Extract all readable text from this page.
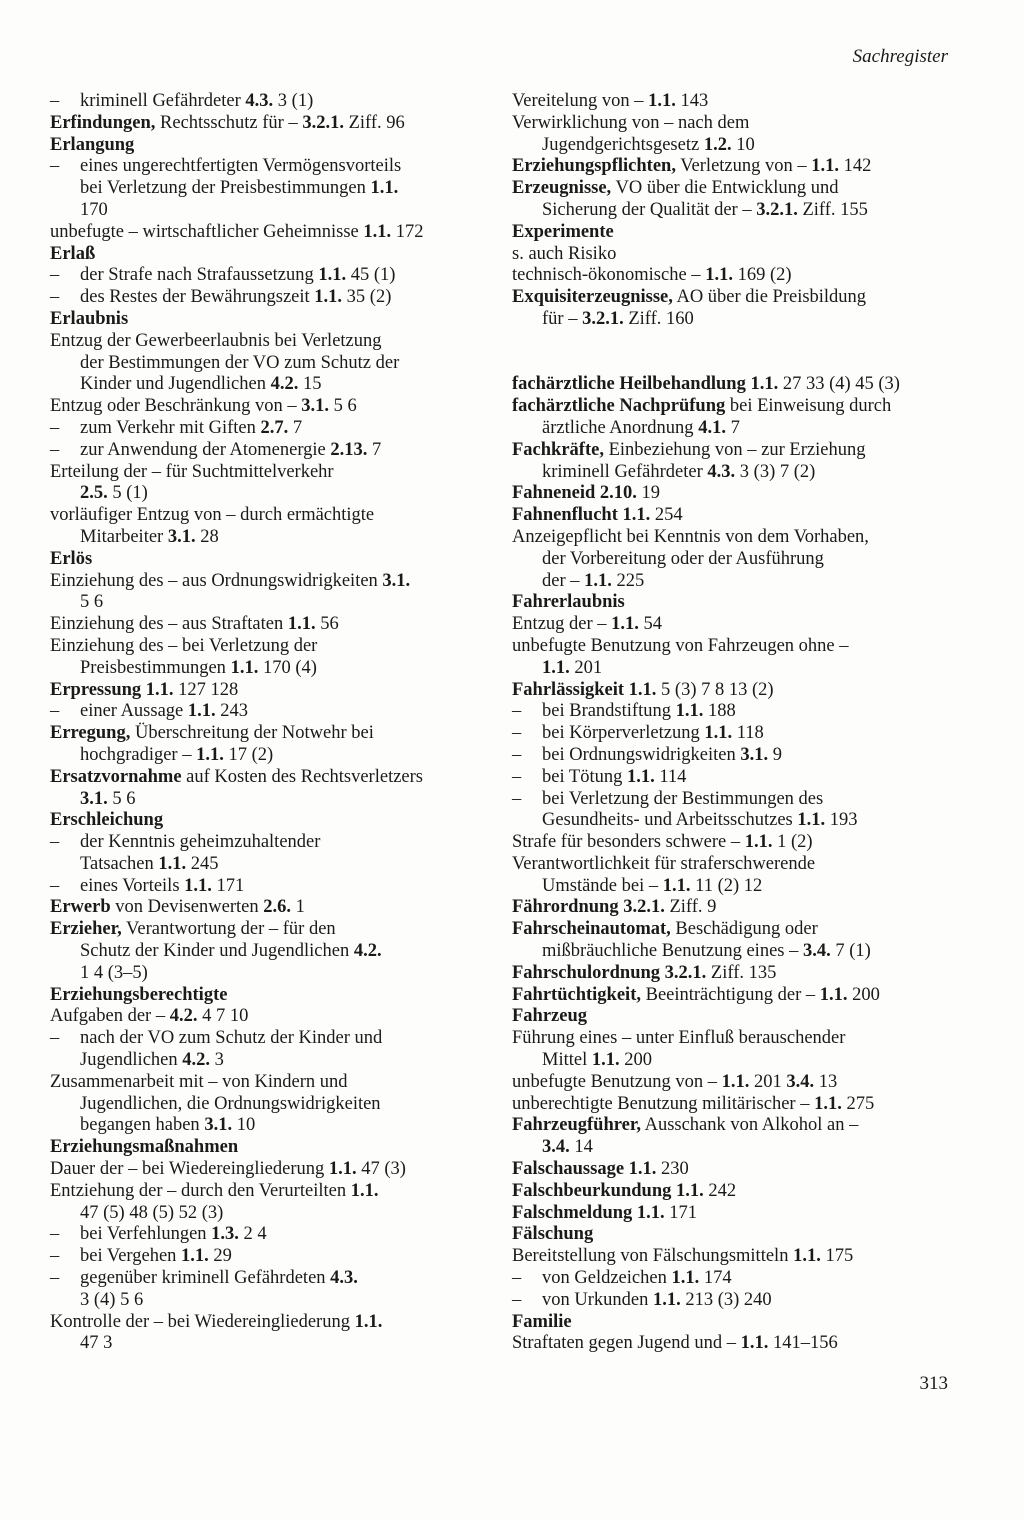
Sachregister
– kriminell Gefährdeter 4.3. 3 (1)
Erfindungen, Rechtsschutz für – 3.2.1. Ziff. 96
Erlangung
– eines ungerechtfertigten Vermögensvorteils
bei Verletzung der Preisbestimmungen 1.1.
170
unbefugte – wirtschaftlicher Geheimnisse 1.1. 172
Erlaß
– der Strafe nach Strafaussetzung 1.1. 45 (1)
– des Restes der Bewährungszeit 1.1. 35 (2)
Erlaubnis
Entzug der Gewerbeerlaubnis bei Verletzung
der Bestimmungen der VO zum Schutz der
Kinder und Jugendlichen 4.2. 15
Entzug oder Beschränkung von – 3.1. 5 6
– zum Verkehr mit Giften 2.7. 7
– zur Anwendung der Atomenergie 2.13. 7
Erteilung der – für Suchtmittelverkehr
2.5. 5 (1)
vorläufiger Entzug von – durch ermächtigte
Mitarbeiter 3.1. 28
Erlös
Einziehung des – aus Ordnungswidrigkeiten 3.1.
5 6
Einziehung des – aus Straftaten 1.1. 56
Einziehung des – bei Verletzung der
Preisbestimmungen 1.1. 170 (4)
Erpressung 1.1. 127 128
– einer Aussage 1.1. 243
Erregung, Überschreitung der Notwehr bei
hochgradiger – 1.1. 17 (2)
Ersatzvornahme auf Kosten des Rechtsverletzers
3.1. 5 6
Erschleichung
– der Kenntnis geheimzuhaltender
Tatsachen 1.1. 245
– eines Vorteils 1.1. 171
Erwerb von Devisenwerten 2.6. 1
Erzieher, Verantwortung der – für den
Schutz der Kinder und Jugendlichen 4.2.
1 4 (3–5)
Erziehungsberechtigte
Aufgaben der – 4.2. 4 7 10
– nach der VO zum Schutz der Kinder und
Jugendlichen 4.2. 3
Zusammenarbeit mit – von Kindern und
Jugendlichen, die Ordnungswidrigkeiten
begangen haben 3.1. 10
Erziehungsmaßnahmen
Dauer der – bei Wiedereingliederung 1.1. 47 (3)
Entziehung der – durch den Verurteilten 1.1.
47 (5) 48 (5) 52 (3)
– bei Verfehlungen 1.3. 2 4
– bei Vergehen 1.1. 29
– gegenüber kriminell Gefährdeten 4.3.
3 (4) 5 6
Kontrolle der – bei Wiedereingliederung 1.1.
47 3
Vereitelung von – 1.1. 143
Verwirklichung von – nach dem
Jugendgerichtsgesetz 1.2. 10
Erziehungspflichten, Verletzung von – 1.1. 142
Erzeugnisse, VO über die Entwicklung und
Sicherung der Qualität der – 3.2.1. Ziff. 155
Experimente
s. auch Risiko
technisch-ökonomische – 1.1. 169 (2)
Exquisiterzeugnisse, AO über die Preisbildung
für – 3.2.1. Ziff. 160
fachärztliche Heilbehandlung 1.1. 27 33 (4) 45 (3)
fachärztliche Nachprüfung bei Einweisung durch
ärztliche Anordnung 4.1. 7
Fachkräfte, Einbeziehung von – zur Erziehung
kriminell Gefährdeter 4.3. 3 (3) 7 (2)
Fahneneid 2.10. 19
Fahnenflucht 1.1. 254
Anzeigepflicht bei Kenntnis von dem Vorhaben,
der Vorbereitung oder der Ausführung
der – 1.1. 225
Fahrerlaubnis
Entzug der – 1.1. 54
unbefugte Benutzung von Fahrzeugen ohne –
1.1. 201
Fahrlässigkeit 1.1. 5 (3) 7 8 13 (2)
– bei Brandstiftung 1.1. 188
– bei Körperverletzung 1.1. 118
– bei Ordnungswidrigkeiten 3.1. 9
– bei Tötung 1.1. 114
– bei Verletzung der Bestimmungen des
Gesundheits- und Arbeitsschutzes 1.1. 193
Strafe für besonders schwere – 1.1. 1 (2)
Verantwortlichkeit für straferschwerende
Umstände bei – 1.1. 11 (2) 12
Fährordnung 3.2.1. Ziff. 9
Fahrscheinautomat, Beschädigung oder
mißbräuchliche Benutzung eines – 3.4. 7 (1)
Fahrschulordnung 3.2.1. Ziff. 135
Fahrtüchtigkeit, Beeinträchtigung der – 1.1. 200
Fahrzeug
Führung eines – unter Einfluß berauschender
Mittel 1.1. 200
unbefugte Benutzung von – 1.1. 201 3.4. 13
unberechtigte Benutzung militärischer – 1.1. 275
Fahrzeugführer, Ausschank von Alkohol an –
3.4. 14
Falschaussage 1.1. 230
Falschbeurkundung 1.1. 242
Falschmeldung 1.1. 171
Fälschung
Bereitstellung von Fälschungsmitteln 1.1. 175
– von Geldzeichen 1.1. 174
– von Urkunden 1.1. 213 (3) 240
Familie
Straftaten gegen Jugend und – 1.1. 141–156
313
